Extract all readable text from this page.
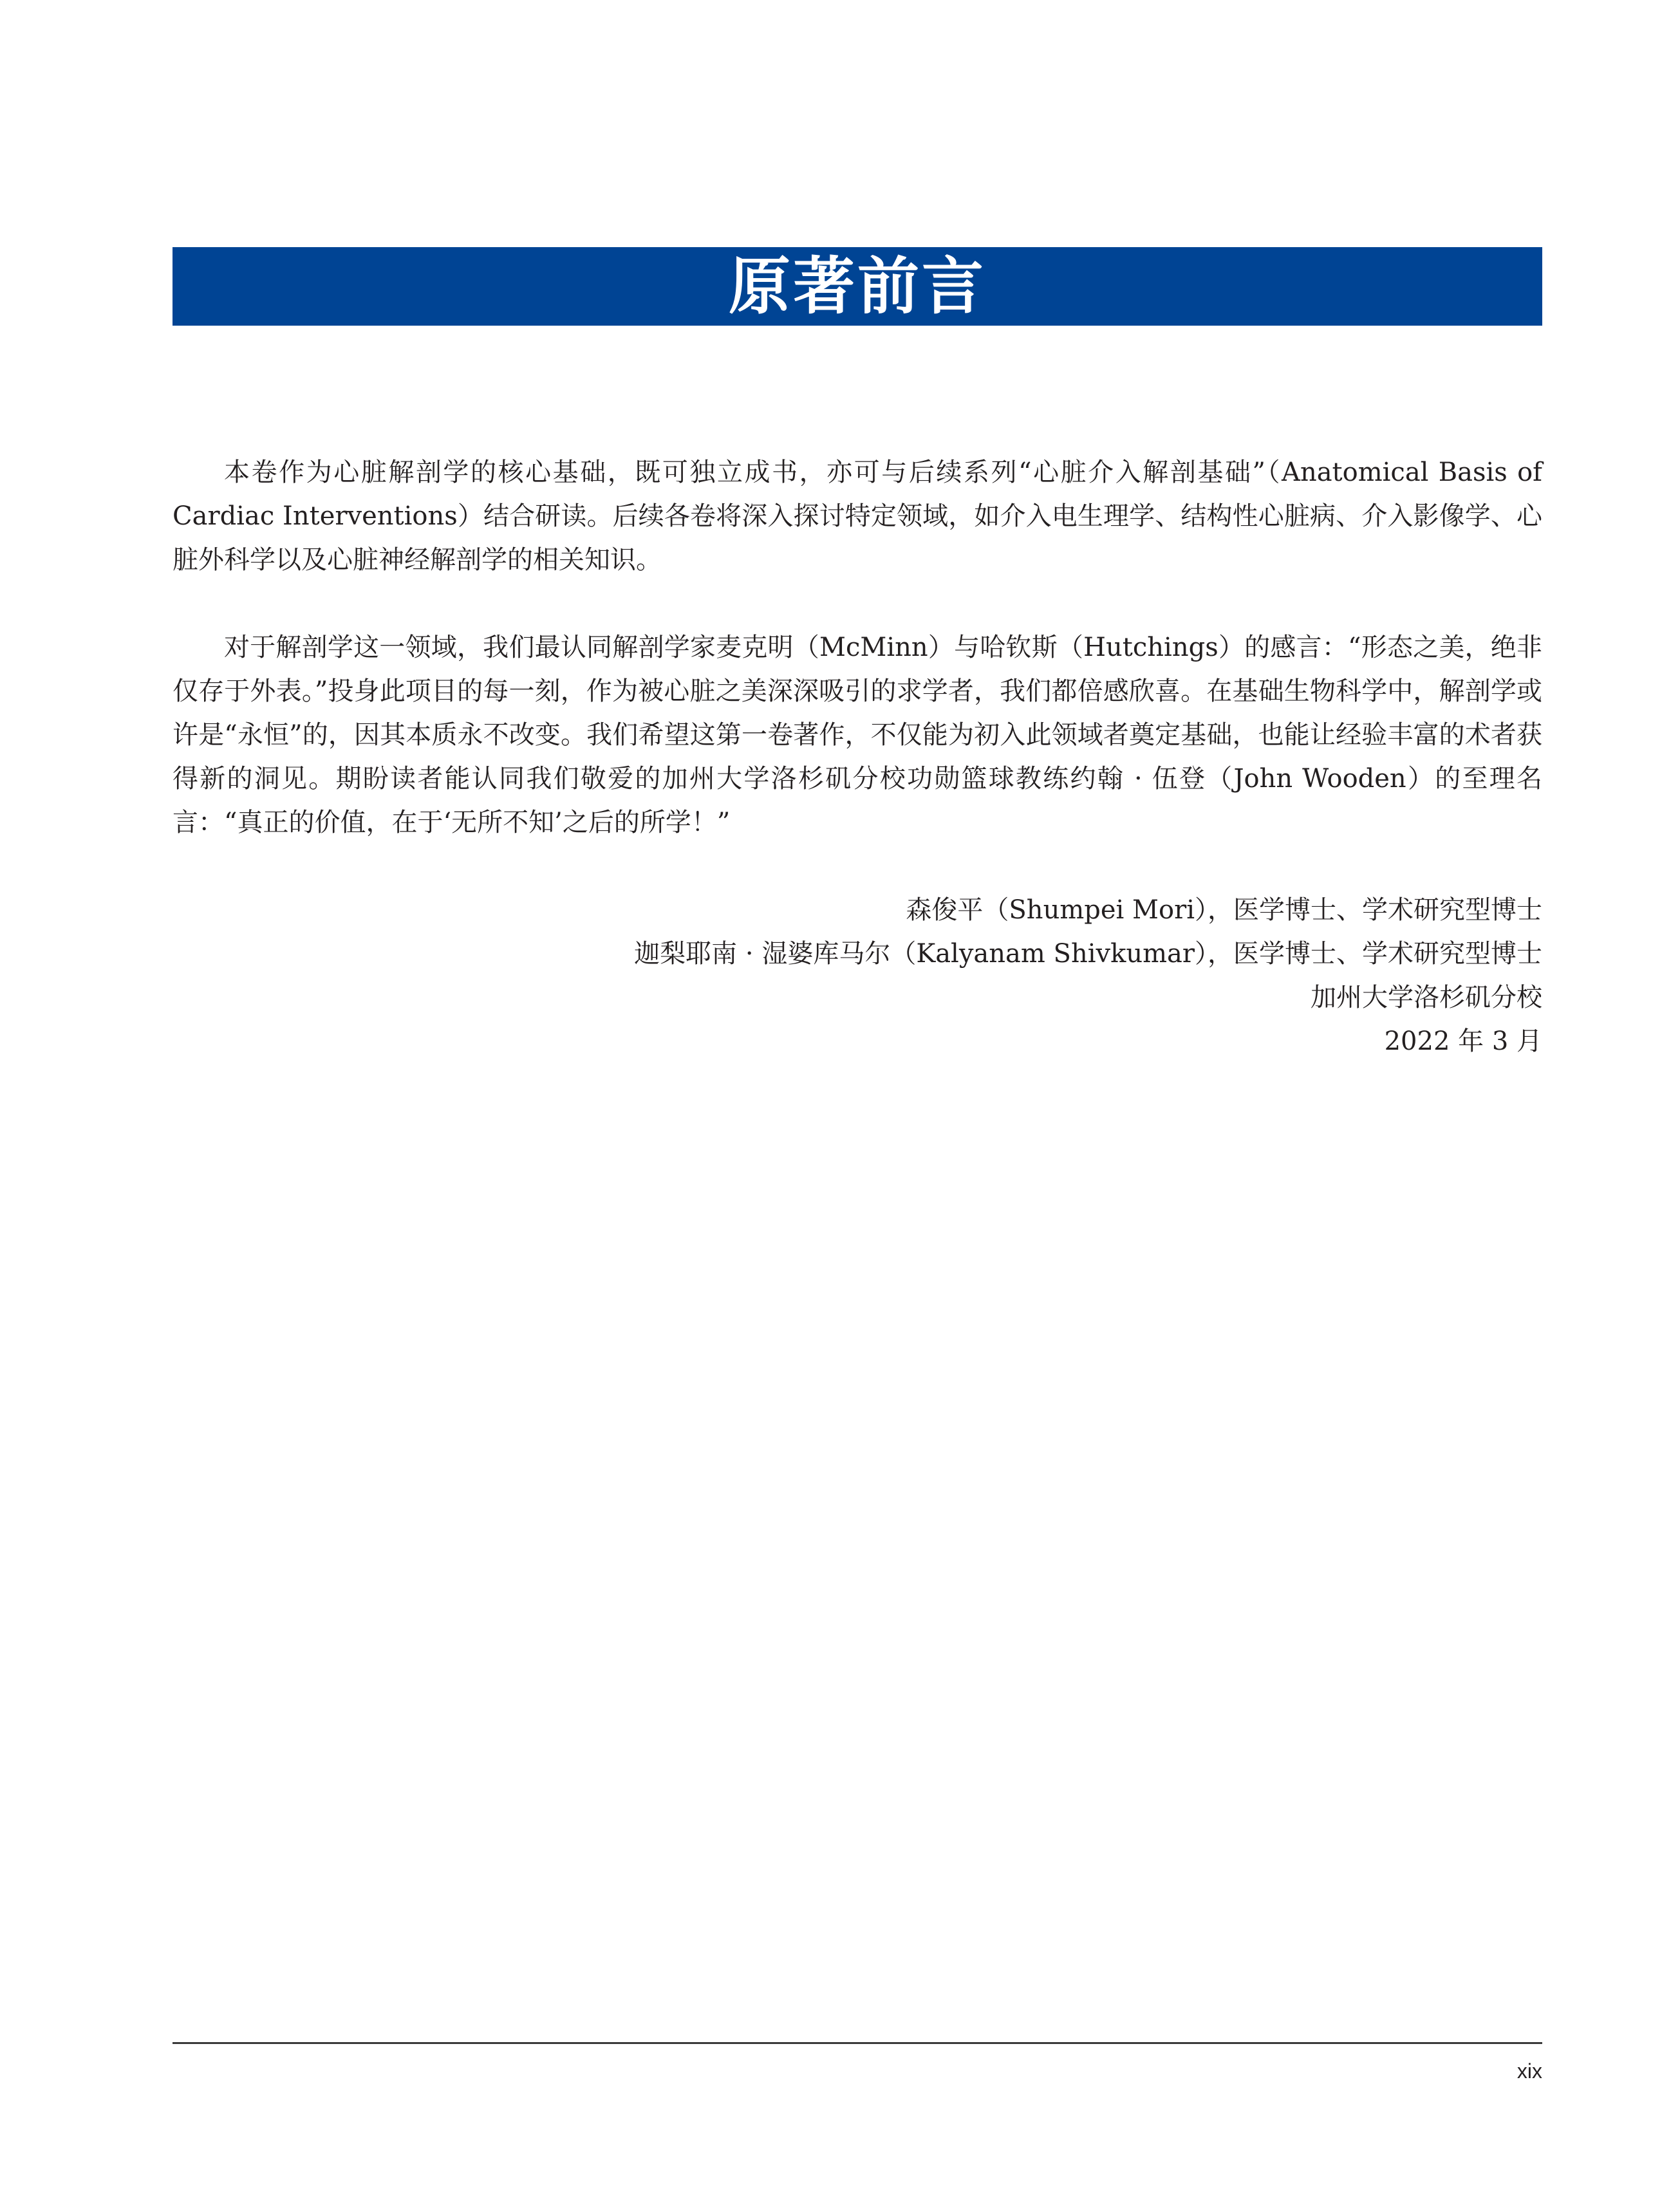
原著前言

本卷作为心脏解剖学的核心基础，既可独立成书，亦可与后续系列“心脏介入解剖基础”（Anatomical Basis of Cardiac Interventions）结合研读。后续各卷将深入探讨特定领域，如介入电生理学、结构性心脏病、介入影像学、心脏外科学以及心脏神经解剖学的相关知识。

对于解剖学这一领域，我们最认同解剖学家麦克明（McMinn）与哈钦斯（Hutchings）的感言：“形态之美，绝非仅存于外表。”投身此项目的每一刻，作为被心脏之美深深吸引的求学者，我们都倍感欣喜。在基础生物科学中，解剖学或许是“永恒”的，因其本质永不改变。我们希望这第一卷著作，不仅能为初入此领域者奠定基础，也能让经验丰富的术者获得新的洞见。期盼读者能认同我们敬爱的加州大学洛杉矶分校功勋篮球教练约翰 · 伍登（John Wooden）的至理名言：“真正的价值，在于‘无所不知’之后的所学！”

森俊平（Shumpei Mori），医学博士、学术研究型博士
迦梨耶南 · 湿婆库马尔（Kalyanam Shivkumar），医学博士、学术研究型博士
加州大学洛杉矶分校
2022 年 3 月
xix
